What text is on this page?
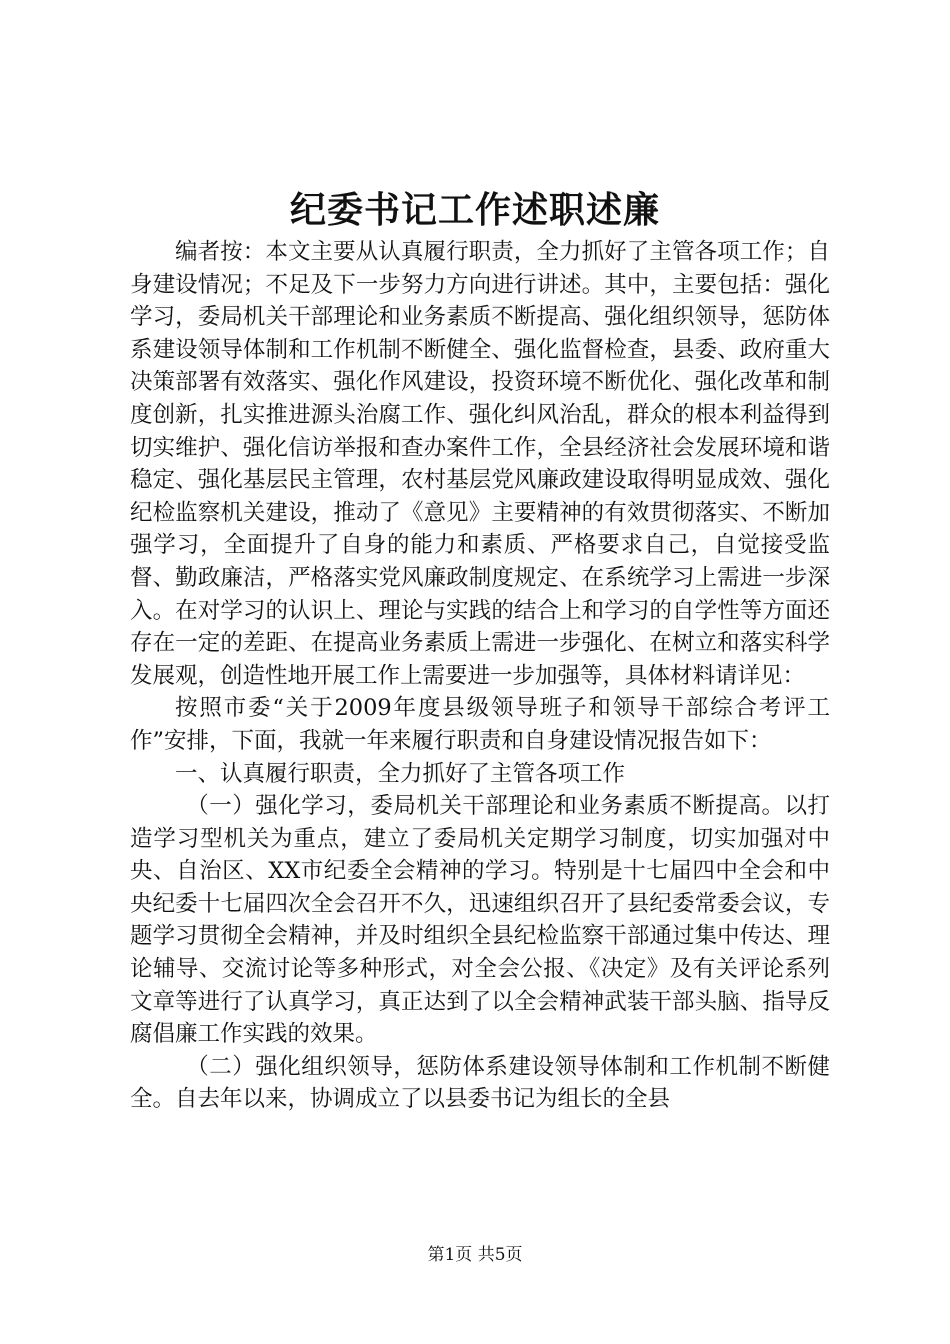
纪委书记工作述职述廉

编者按：本文主要从认真履行职责，全力抓好了主管各项工作；自身建设情况；不足及下一步努力方向进行讲述。其中，主要包括：强化学习，委局机关干部理论和业务素质不断提高、强化组织领导，惩防体系建设领导体制和工作机制不断健全、强化监督检查，县委、政府重大决策部署有效落实、强化作风建设，投资环境不断优化、强化改革和制度创新，扎实推进源头治腐工作、强化纠风治乱，群众的根本利益得到切实维护、强化信访举报和查办案件工作，全县经济社会发展环境和谐稳定、强化基层民主管理，农村基层党风廉政建设取得明显成效、强化纪检监察机关建设，推动了《意见》主要精神的有效贯彻落实、不断加强学习，全面提升了自身的能力和素质、严格要求自己，自觉接受监督、勤政廉洁，严格落实党风廉政制度规定、在系统学习上需进一步深入。在对学习的认识上、理论与实践的结合上和学习的自学性等方面还存在一定的差距、在提高业务素质上需进一步强化、在树立和落实科学发展观，创造性地开展工作上需要进一步加强等，具体材料请详见：

按照市委“关于2009年度县级领导班子和领导干部综合考评工作”安排，下面，我就一年来履行职责和自身建设情况报告如下：

一、认真履行职责，全力抓好了主管各项工作

（一）强化学习，委局机关干部理论和业务素质不断提高。以打造学习型机关为重点，建立了委局机关定期学习制度，切实加强对中央、自治区、XX市纪委全会精神的学习。特别是十七届四中全会和中央纪委十七届四次全会召开不久，迅速组织召开了县纪委常委会议，专题学习贯彻全会精神，并及时组织全县纪检监察干部通过集中传达、理论辅导、交流讨论等多种形式，对全会公报、《决定》及有关评论系列文章等进行了认真学习，真正达到了以全会精神武装干部头脑、指导反腐倡廉工作实践的效果。

（二）强化组织领导，惩防体系建设领导体制和工作机制不断健全。自去年以来，协调成立了以县委书记为组长的全县

第1页 共5页
